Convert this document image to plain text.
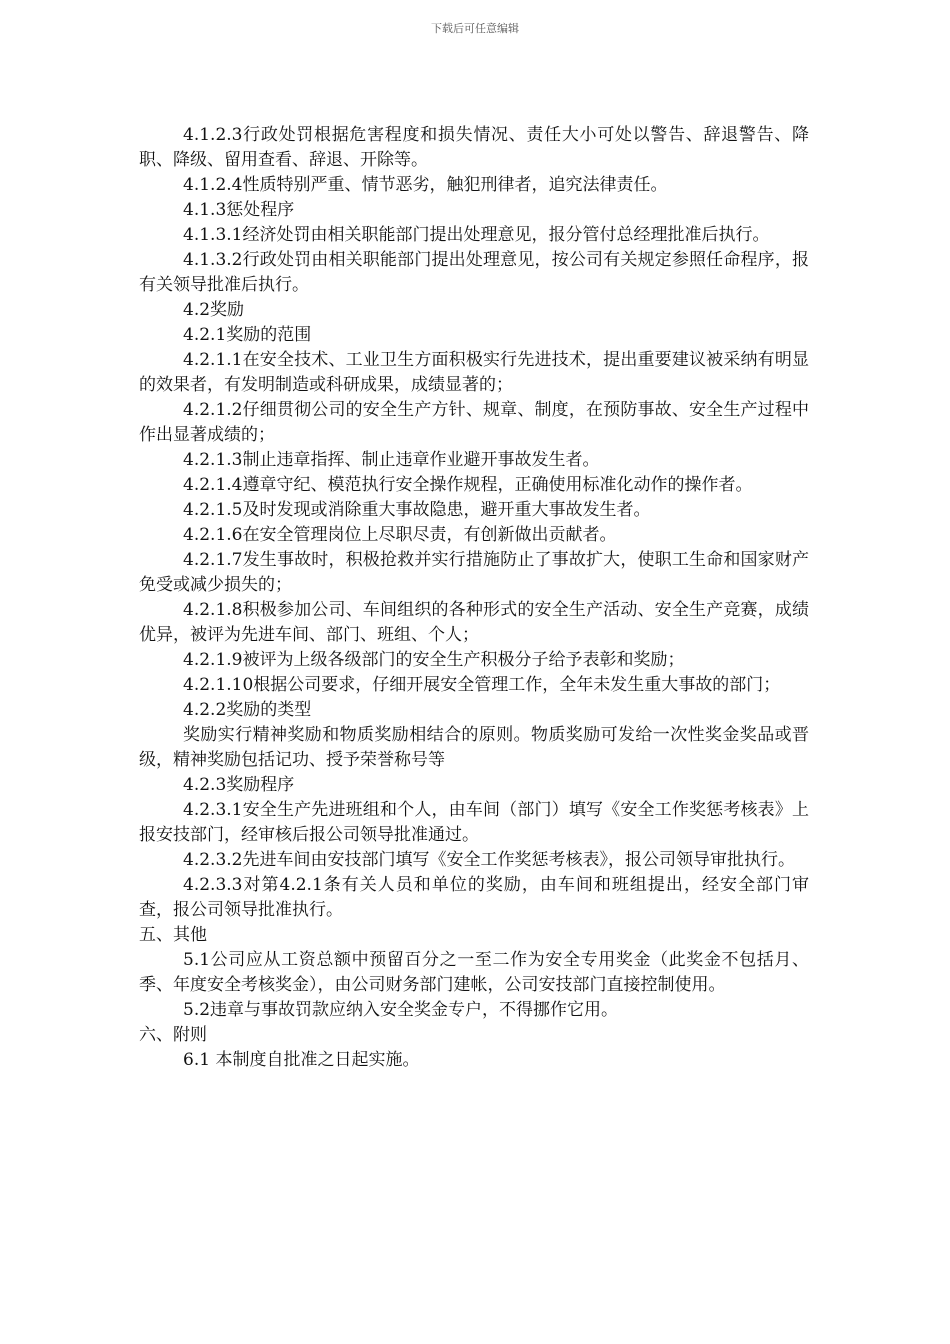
下载后可任意编辑

4.1.2.3行政处罚根据危害程度和损失情况、责任大小可处以警告、辞退警告、降职、降级、留用查看、辞退、开除等。

4.1.2.4性质特别严重、情节恶劣，触犯刑律者，追究法律责任。

4.1.3惩处程序

4.1.3.1经济处罚由相关职能部门提出处理意见，报分管付总经理批准后执行。

4.1.3.2行政处罚由相关职能部门提出处理意见，按公司有关规定参照任命程序，报有关领导批准后执行。

4.2奖励

4.2.1奖励的范围

4.2.1.1在安全技术、工业卫生方面积极实行先进技术，提出重要建议被采纳有明显的效果者，有发明制造或科研成果，成绩显著的；

4.2.1.2仔细贯彻公司的安全生产方针、规章、制度，在预防事故、安全生产过程中作出显著成绩的；

4.2.1.3制止违章指挥、制止违章作业避开事故发生者。

4.2.1.4遵章守纪、模范执行安全操作规程，正确使用标准化动作的操作者。

4.2.1.5及时发现或消除重大事故隐患，避开重大事故发生者。

4.2.1.6在安全管理岗位上尽职尽责，有创新做出贡献者。

4.2.1.7发生事故时，积极抢救并实行措施防止了事故扩大，使职工生命和国家财产免受或减少损失的；

4.2.1.8积极参加公司、车间组织的各种形式的安全生产活动、安全生产竞赛，成绩优异，被评为先进车间、部门、班组、个人；

4.2.1.9被评为上级各级部门的安全生产积极分子给予表彰和奖励；

4.2.1.10根据公司要求，仔细开展安全管理工作，全年未发生重大事故的部门；

4.2.2奖励的类型

奖励实行精神奖励和物质奖励相结合的原则。物质奖励可发给一次性奖金奖品或晋级，精神奖励包括记功、授予荣誉称号等

4.2.3奖励程序

4.2.3.1安全生产先进班组和个人，由车间（部门）填写《安全工作奖惩考核表》上报安技部门，经审核后报公司领导批准通过。

4.2.3.2先进车间由安技部门填写《安全工作奖惩考核表》，报公司领导审批执行。

4.2.3.3对第4.2.1条有关人员和单位的奖励，由车间和班组提出，经安全部门审查，报公司领导批准执行。

五、其他

5.1公司应从工资总额中预留百分之一至二作为安全专用奖金（此奖金不包括月、季、年度安全考核奖金），由公司财务部门建帐，公司安技部门直接控制使用。

5.2违章与事故罚款应纳入安全奖金专户，不得挪作它用。

六、附则

6.1 本制度自批准之日起实施。
